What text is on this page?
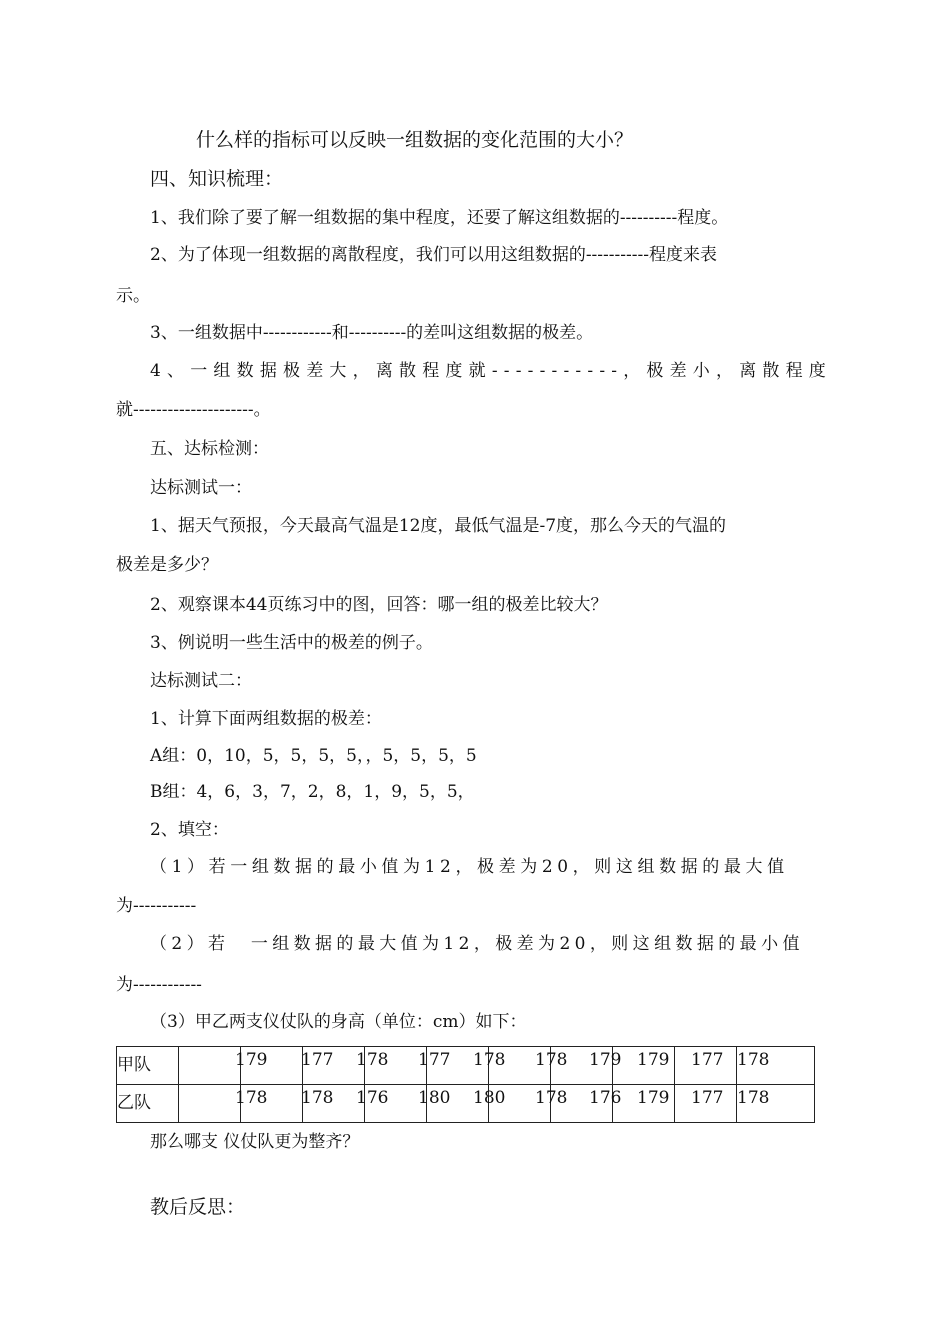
什么样的指标可以反映一组数据的变化范围的大小？
四、知识梳理：
1、我们除了要了解一组数据的集中程度，还要了解这组数据的----------程度。
2、为了体现一组数据的离散程度，我们可以用这组数据的-----------程度来表
示。
3、一组数据中------------和----------的差叫这组数据的极差。
4、一组数据极差大，离散程度就-----------，极差小，离散程度
就---------------------。
五、达标检测：
达标测试一：
1、据天气预报，今天最高气温是12度，最低气温是-7度，那么今天的气温的
极差是多少？
2、观察课本44页练习中的图，回答：哪一组的极差比较大？
3、例说明一些生活中的极差的例子。
达标测试二：
1、计算下面两组数据的极差：
A组：0，10，5，5，5，5，，5，5，5，5
B组：4，6，3，7，2，8，1，9，5，5，
2、填空：
（1）若一组数据的最小值为12，极差为20，则这组数据的最大值
为-----------
（2）若　一组数据的最大值为12，极差为20，则这组数据的最小值
为------------
（3）甲乙两支仪仗队的身高（单位：cm）如下：
甲队	179	177	178	177	178	178	179	179	177	178

乙队	178	178	176	180	180	178	176	179	177	178
那么哪支 仪仗队更为整齐？
教后反思：
